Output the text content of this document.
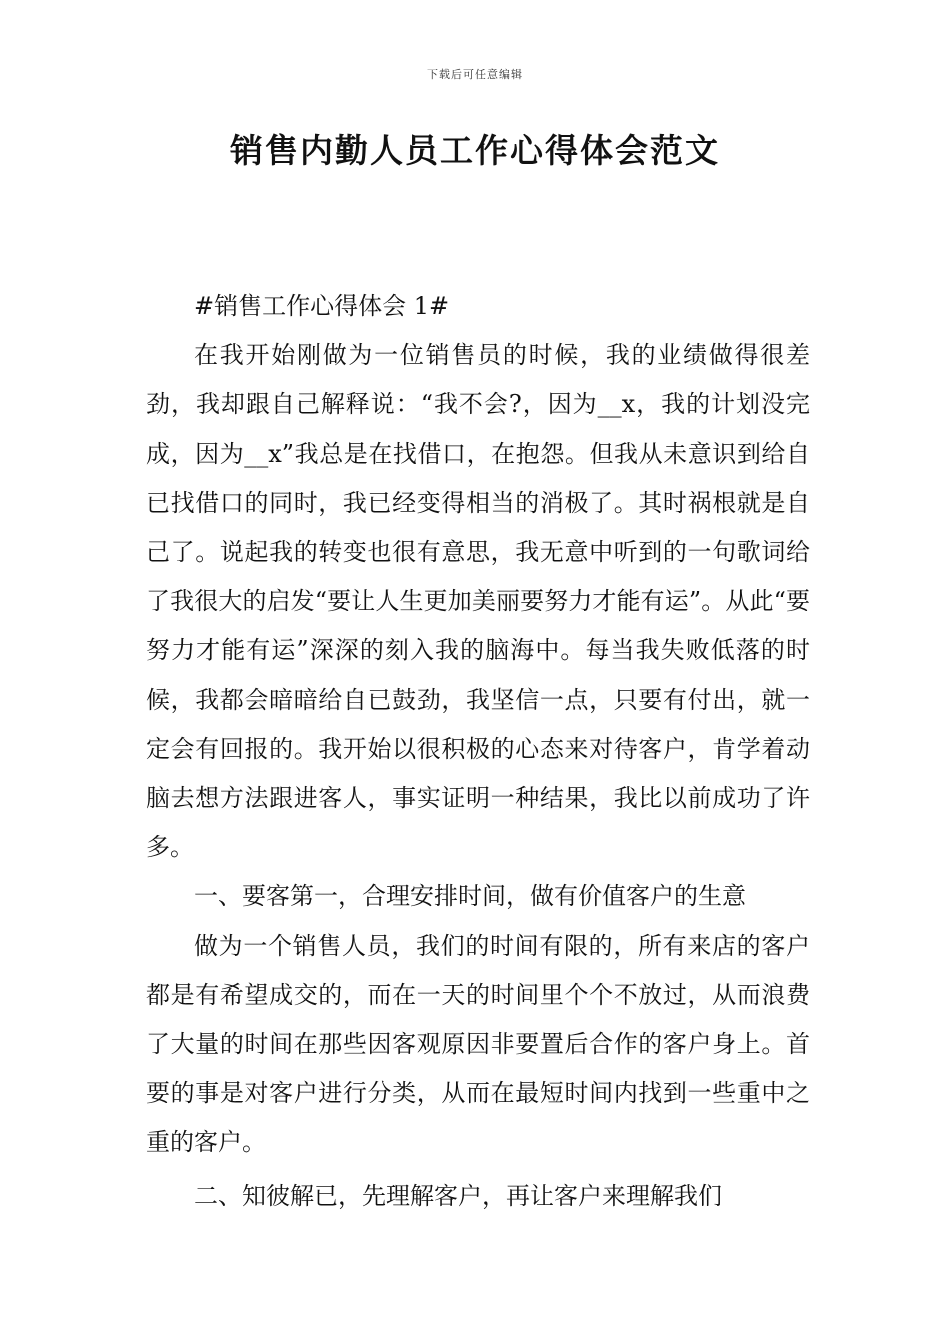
下载后可任意编辑
销售内勤人员工作心得体会范文

#销售工作心得体会 1#

在我开始刚做为一位销售员的时候，我的业绩做得很差劲，我却跟自己解释说：“我不会?，因为__x，我的计划没完成，因为__x”我总是在找借口，在抱怨。但我从未意识到给自已找借口的同时，我已经变得相当的消极了。其时祸根就是自己了。说起我的转变也很有意思，我无意中听到的一句歌词给了我很大的启发“要让人生更加美丽要努力才能有运”。从此“要努力才能有运”深深的刻入我的脑海中。每当我失败低落的时候，我都会暗暗给自已鼓劲，我坚信一点，只要有付出，就一定会有回报的。我开始以很积极的心态来对待客户，肯学着动脑去想方法跟进客人，事实证明一种结果，我比以前成功了许多。

一、要客第一，合理安排时间，做有价值客户的生意

做为一个销售人员，我们的时间有限的，所有来店的客户都是有希望成交的，而在一天的时间里个个不放过，从而浪费了大量的时间在那些因客观原因非要置后合作的客户身上。首要的事是对客户进行分类，从而在最短时间内找到一些重中之重的客户。

二、知彼解已，先理解客户，再让客户来理解我们
